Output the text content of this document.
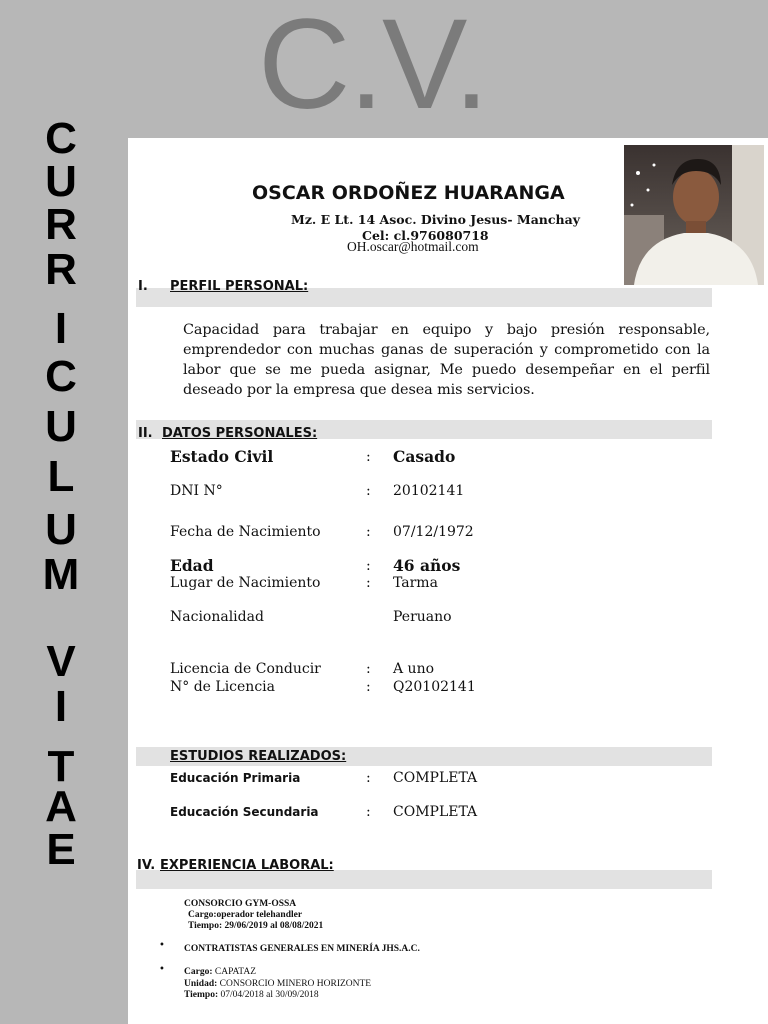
C.V.
C
U
R
R
I
C
U
L
U
M
V
I
T
A
E
OSCAR ORDOÑEZ HUARANGA
Mz. E Lt. 14 Asoc. Divino Jesus- Manchay
Cel: cl.976080718
OH.oscar@hotmail.com
I. PERFIL PERSONAL:
Capacidad para trabajar en equipo y bajo presión responsable, emprendedor con muchas ganas de superación y comprometido con la labor que se me pueda asignar, Me puedo desempeñar en el perfil deseado por la empresa que desea mis servicios.
II. DATOS PERSONALES:
Estado Civil	: Casado
DNI N°	: 20102141
Fecha de Nacimiento	: 07/12/1972
Edad	: 46 años
Lugar de Nacimiento	: Tarma
Nacionalidad	Peruano
Licencia de Conducir	: A uno
N° de Licencia	: Q20102141
ESTUDIOS REALIZADOS:
Educación Primaria	: COMPLETA
Educación Secundaria	: COMPLETA
IV. EXPERIENCIA LABORAL:
CONSORCIO GYM-OSSA
Cargo:operador telehandler
Tiempo: 29/06/2019 al 08/08/2021
• CONTRATISTAS GENERALES EN MINERÍA JHS.A.C.
• Cargo: CAPATAZ
Unidad: CONSORCIO MINERO HORIZONTE
Tiempo: 07/04/2018 al 30/09/2018
